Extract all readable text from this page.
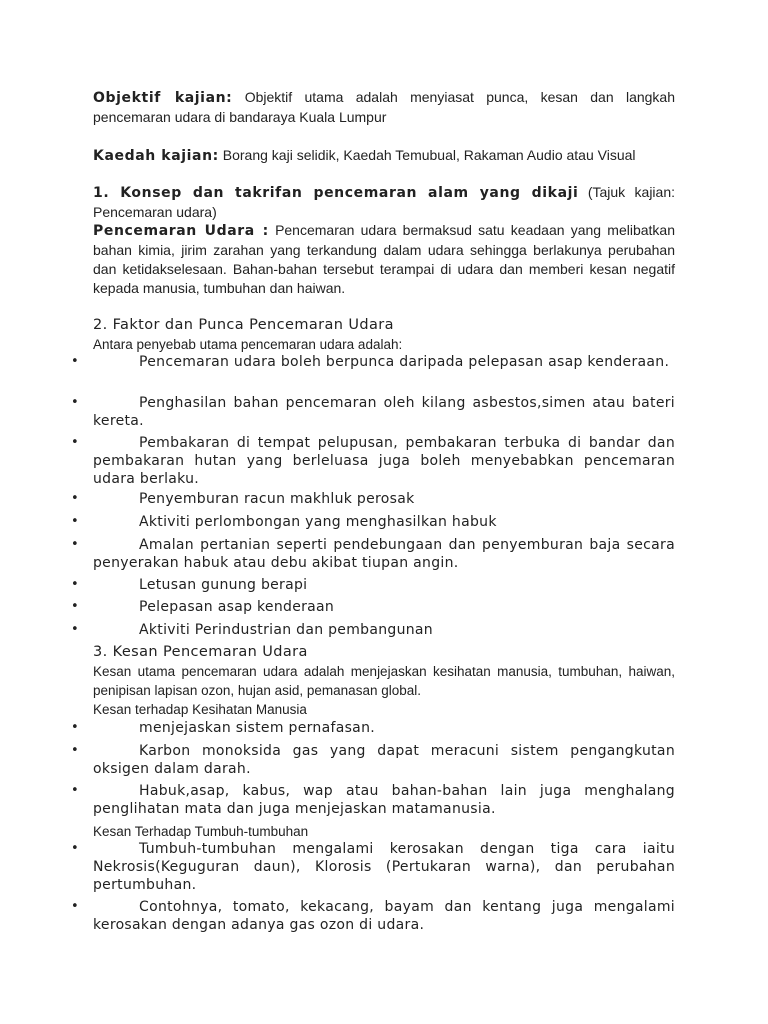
Objektif kajian: Objektif utama adalah menyiasat punca, kesan dan langkah pencemaran udara di bandaraya Kuala Lumpur
Kaedah kajian: Borang kaji selidik, Kaedah Temubual, Rakaman Audio atau Visual
1. Konsep dan takrifan pencemaran alam yang dikaji (Tajuk kajian: Pencemaran udara)
Pencemaran Udara : Pencemaran udara bermaksud satu keadaan yang melibatkan bahan kimia, jirim zarahan yang terkandung dalam udara sehingga berlakunya perubahan dan ketidakselesaan. Bahan-bahan tersebut terampai di udara dan memberi kesan negatif kepada manusia, tumbuhan dan haiwan.
2. Faktor dan Punca Pencemaran Udara
Antara penyebab utama pencemaran udara adalah:
•	Pencemaran udara boleh berpunca daripada pelepasan asap kenderaan.
•	Penghasilan bahan pencemaran oleh kilang asbestos,simen atau bateri kereta.
•	Pembakaran di tempat pelupusan, pembakaran terbuka di bandar dan pembakaran hutan yang berleluasa juga boleh menyebabkan pencemaran udara berlaku.
•	Penyemburan racun makhluk perosak
•	Aktiviti perlombongan yang menghasilkan habuk
•	Amalan pertanian seperti pendebungaan dan penyemburan baja secara penyerakan habuk atau debu akibat tiupan angin.
•	Letusan gunung berapi
•	Pelepasan asap kenderaan
•	Aktiviti Perindustrian dan pembangunan
3. Kesan Pencemaran Udara
Kesan utama pencemaran udara adalah menjejaskan kesihatan manusia, tumbuhan, haiwan, penipisan lapisan ozon, hujan asid, pemanasan global.
Kesan terhadap Kesihatan Manusia
•	menjejaskan sistem pernafasan.
•	Karbon monoksida gas yang dapat meracuni sistem pengangkutan oksigen dalam darah.
•	Habuk,asap, kabus, wap atau bahan-bahan lain juga menghalang penglihatan mata dan juga menjejaskan matamanusia.
Kesan Terhadap Tumbuh-tumbuhan
•	Tumbuh-tumbuhan mengalami kerosakan dengan tiga cara iaitu Nekrosis(Keguguran daun), Klorosis (Pertukaran warna), dan perubahan pertumbuhan.
•	Contohnya, tomato, kekacang, bayam dan kentang juga mengalami kerosakan dengan adanya gas ozon di udara.
